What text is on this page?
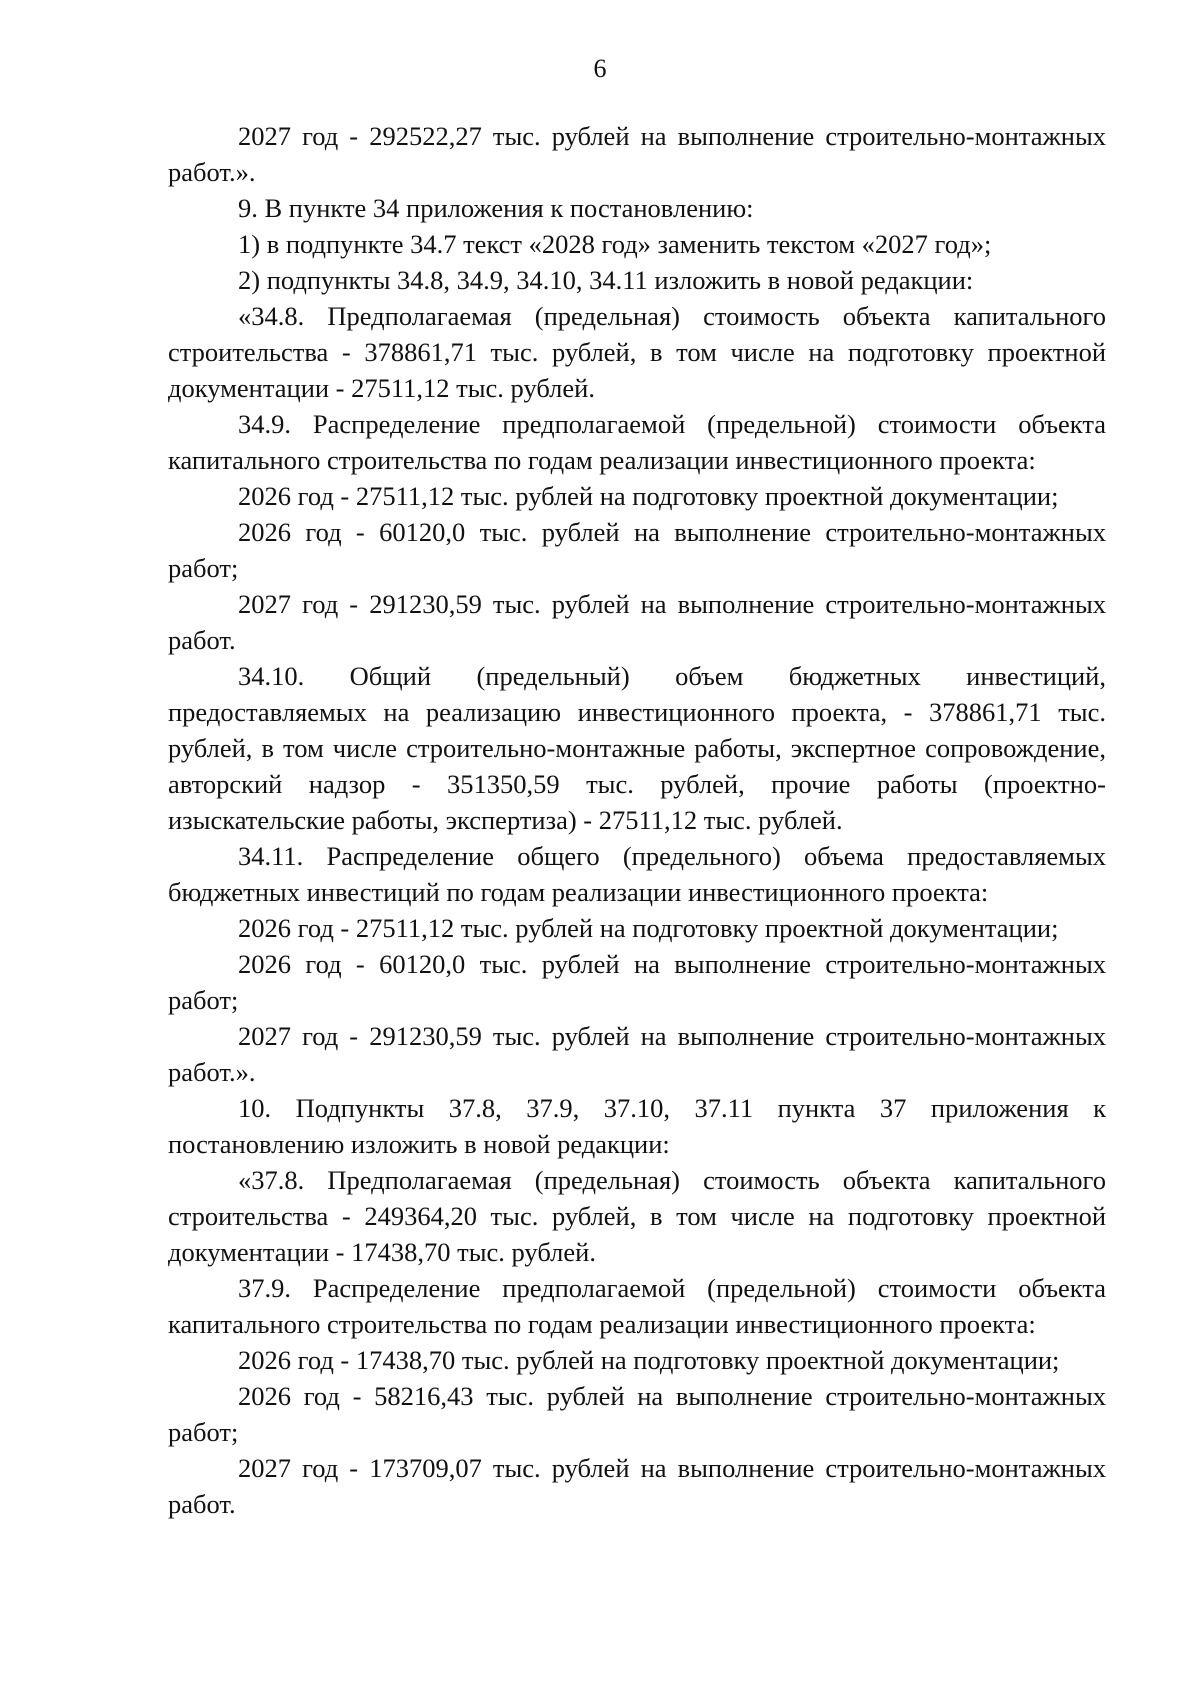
6

2027 год - 292522,27 тыс. рублей на выполнение строительно-монтажных работ.».

9. В пункте 34 приложения к постановлению:

1) в подпункте 34.7 текст «2028 год» заменить текстом «2027 год»;

2) подпункты 34.8, 34.9, 34.10, 34.11 изложить в новой редакции:

«34.8. Предполагаемая (предельная) стоимость объекта капитального строительства - 378861,71 тыс. рублей, в том числе на подготовку проектной документации - 27511,12 тыс. рублей.

34.9. Распределение предполагаемой (предельной) стоимости объекта капитального строительства по годам реализации инвестиционного проекта:

2026 год - 27511,12 тыс. рублей на подготовку проектной документации;

2026 год - 60120,0 тыс. рублей на выполнение строительно-монтажных работ;

2027 год - 291230,59 тыс. рублей на выполнение строительно-монтажных работ.

34.10. Общий (предельный) объем бюджетных инвестиций, предоставляемых на реализацию инвестиционного проекта, - 378861,71 тыс. рублей, в том числе строительно-монтажные работы, экспертное сопровождение, авторский надзор - 351350,59 тыс. рублей, прочие работы (проектно-изыскательские работы, экспертиза) - 27511,12 тыс. рублей.

34.11. Распределение общего (предельного) объема предоставляемых бюджетных инвестиций по годам реализации инвестиционного проекта:

2026 год - 27511,12 тыс. рублей на подготовку проектной документации;

2026 год - 60120,0 тыс. рублей на выполнение строительно-монтажных работ;

2027 год - 291230,59 тыс. рублей на выполнение строительно-монтажных работ.».

10. Подпункты 37.8, 37.9, 37.10, 37.11 пункта 37 приложения к постановлению изложить в новой редакции:

«37.8. Предполагаемая (предельная) стоимость объекта капитального строительства - 249364,20 тыс. рублей, в том числе на подготовку проектной документации - 17438,70 тыс. рублей.

37.9. Распределение предполагаемой (предельной) стоимости объекта капитального строительства по годам реализации инвестиционного проекта:

2026 год - 17438,70 тыс. рублей на подготовку проектной документации;

2026 год - 58216,43 тыс. рублей на выполнение строительно-монтажных работ;

2027 год - 173709,07 тыс. рублей на выполнение строительно-монтажных работ.
